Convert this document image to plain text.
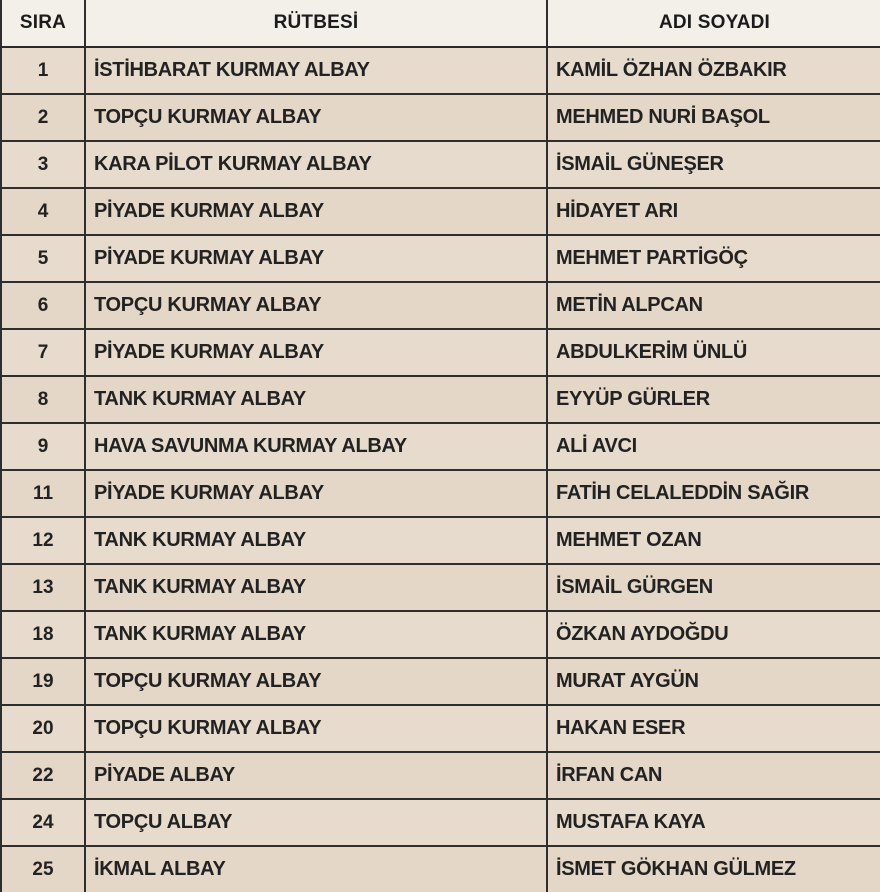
SIRA	RÜTBESİ	ADI SOYADI
1	İSTİHBARAT KURMAY ALBAY	KAMİL ÖZHAN ÖZBAKIR
2	TOPÇU KURMAY ALBAY	MEHMED NURİ BAŞOL
3	KARA PİLOT KURMAY ALBAY	İSMAİL GÜNEŞER
4	PİYADE KURMAY ALBAY	HİDAYET ARI
5	PİYADE KURMAY ALBAY	MEHMET PARTİGÖÇ
6	TOPÇU KURMAY ALBAY	METİN ALPCAN
7	PİYADE KURMAY ALBAY	ABDULKERİM ÜNLÜ
8	TANK KURMAY ALBAY	EYYÜP GÜRLER
9	HAVA SAVUNMA KURMAY ALBAY	ALİ AVCI
11	PİYADE KURMAY ALBAY	FATİH CELALEDDİN SAĞIR
12	TANK KURMAY ALBAY	MEHMET OZAN
13	TANK KURMAY ALBAY	İSMAİL GÜRGEN
18	TANK KURMAY ALBAY	ÖZKAN AYDOĞDU
19	TOPÇU KURMAY ALBAY	MURAT AYGÜN
20	TOPÇU KURMAY ALBAY	HAKAN ESER
22	PİYADE ALBAY	İRFAN CAN
24	TOPÇU ALBAY	MUSTAFA KAYA
25	İKMAL ALBAY	İSMET GÖKHAN GÜLMEZ
